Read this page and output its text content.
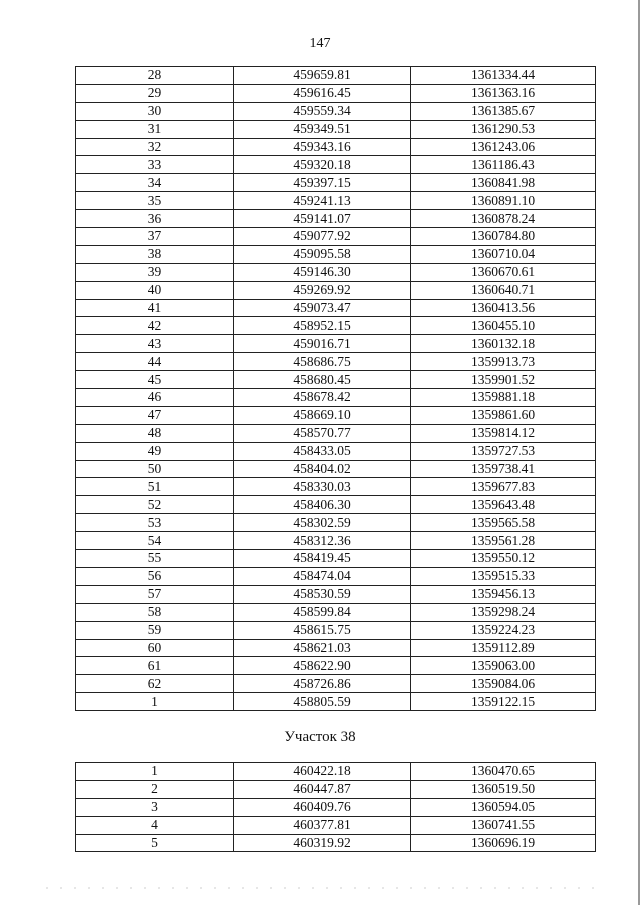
147
28	459659.81	1361334.44
29	459616.45	1361363.16
30	459559.34	1361385.67
31	459349.51	1361290.53
32	459343.16	1361243.06
33	459320.18	1361186.43
34	459397.15	1360841.98
35	459241.13	1360891.10
36	459141.07	1360878.24
37	459077.92	1360784.80
38	459095.58	1360710.04
39	459146.30	1360670.61
40	459269.92	1360640.71
41	459073.47	1360413.56
42	458952.15	1360455.10
43	459016.71	1360132.18
44	458686.75	1359913.73
45	458680.45	1359901.52
46	458678.42	1359881.18
47	458669.10	1359861.60
48	458570.77	1359814.12
49	458433.05	1359727.53
50	458404.02	1359738.41
51	458330.03	1359677.83
52	458406.30	1359643.48
53	458302.59	1359565.58
54	458312.36	1359561.28
55	458419.45	1359550.12
56	458474.04	1359515.33
57	458530.59	1359456.13
58	458599.84	1359298.24
59	458615.75	1359224.23
60	458621.03	1359112.89
61	458622.90	1359063.00
62	458726.86	1359084.06
1	458805.59	1359122.15
Участок 38
1	460422.18	1360470.65
2	460447.87	1360519.50
3	460409.76	1360594.05
4	460377.81	1360741.55
5	460319.92	1360696.19
